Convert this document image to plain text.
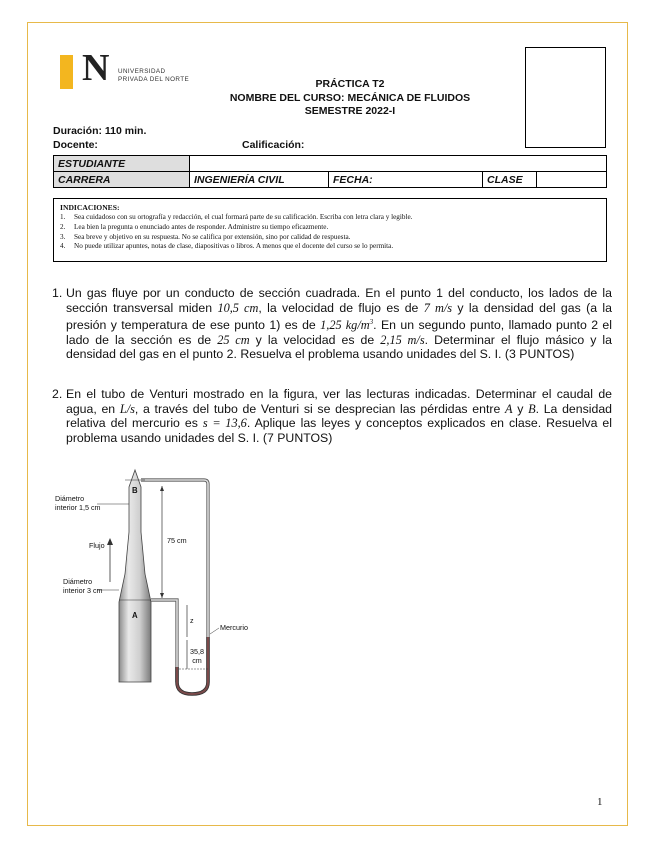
N UNIVERSIDAD
PRIVADA DEL NORTE	PRÁCTICA T2
NOMBRE DEL CURSO: MECÁNICA DE FLUIDOS
SEMESTRE 2022-I
Duración: 110 min.
Docente:	Calificación:
ESTUDIANTE				
CARRERA	INGENIERÍA CIVIL	FECHA:	CLASE	
INDICACIONES:
1.	Sea cuidadoso con su ortografía y redacción, el cual formará parte de su calificación. Escriba con letra clara y legible.
2.	Lea bien la pregunta o enunciado antes de responder. Administre su tiempo eficazmente.
3.	Sea breve y objetivo en su respuesta. No se califica por extensión, sino por calidad de respuesta.
4.	No puede utilizar apuntes, notas de clase, diapositivas o libros. A menos que el docente del curso se lo permita.
1. Un gas fluye por un conducto de sección cuadrada. En el punto 1 del conducto, los lados de la sección transversal miden 10,5 cm, la velocidad de flujo es de 7 m/s y la densidad del gas (a la presión y temperatura de ese punto 1) es de 1,25 $kg/m^3$. En un segundo punto, llamado punto 2 el lado de la sección es de 25 cm y la velocidad es de 2,15 m/s. Determinar el flujo másico y la densidad del gas en el punto 2. Resuelva el problema usando unidades del S. I. (3 PUNTOS)
2. En el tubo de Venturi mostrado en la figura, ver las lecturas indicadas. Determinar el caudal de agua, en L/s, a través del tubo de Venturi si se desprecian las pérdidas entre A y B. La densidad relativa del mercurio es s = 13,6. Aplique las leyes y conceptos explicados en clase. Resuelva el problema usando unidades del S. I. (7 PUNTOS)
Diámetro
interior 1,5 cm
Flujo
Diámetro
interior 3 cm
75 cm
B
A
z
35,8
cm
Mercurio
1
